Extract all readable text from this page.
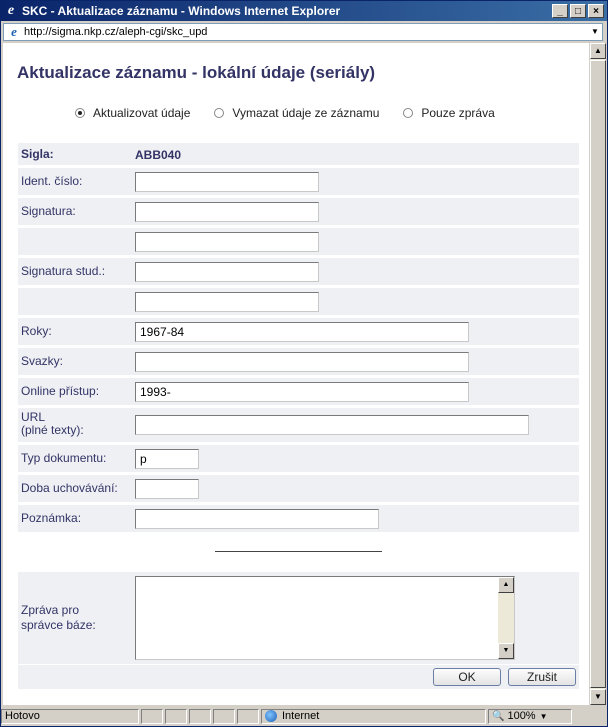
e SKC - Aktualizace záznamu - Windows Internet Explorer	_	□	×
e http://sigma.nkp.cz/aleph-cgi/skc_upd	▼
Aktualizace záznamu - lokální údaje (seriály)
Aktualizovat údaje	Vymazat údaje ze záznamu	Pouze zpráva
Sigla:	ABB040
Ident. číslo:
Signatura:
Signatura stud.:
Roky:	1967-84
Svazky:
Online přístup:	1993-
URL
(plné texty):
Typ dokumentu:	p
Doba uchovávání:
Poznámka:
Zpráva pro
správce báze:
▲
▼
OK	Zrušit
▲
▼
Hotovo	Internet	🔍 100% ▼
